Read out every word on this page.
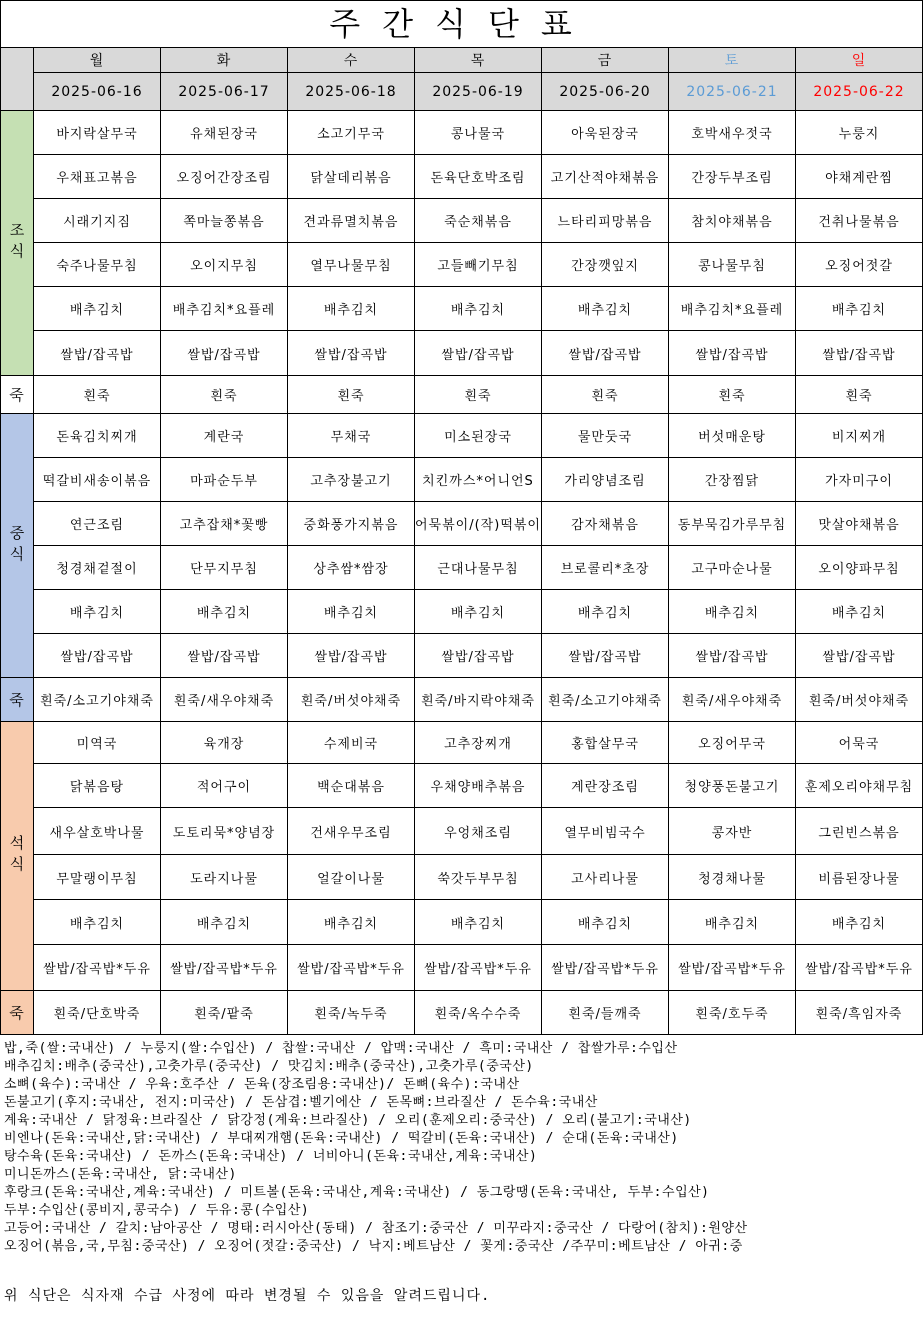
주간식단표
	월	화	수	목	금	토	일
	2025-06-16	2025-06-17	2025-06-18	2025-06-19	2025-06-20	2025-06-21	2025-06-22
조식	바지락살무국	유채된장국	소고기무국	콩나물국	아욱된장국	호박새우젓국	누룽지
	우채표고볶음	오징어간장조림	닭살데리볶음	돈육단호박조림	고기산적야채볶음	간장두부조림	야채계란찜
	시래기지짐	쪽마늘쫑볶음	견과류멸치볶음	죽순채볶음	느타리피망볶음	참치야채볶음	건취나물볶음
	숙주나물무침	오이지무침	열무나물무침	고들빼기무침	간장깻잎지	콩나물무침	오징어젓갈
	배추김치	배추김치*요플레	배추김치	배추김치	배추김치	배추김치*요플레	배추김치
	쌀밥/잡곡밥	쌀밥/잡곡밥	쌀밥/잡곡밥	쌀밥/잡곡밥	쌀밥/잡곡밥	쌀밥/잡곡밥	쌀밥/잡곡밥
죽	흰죽	흰죽	흰죽	흰죽	흰죽	흰죽	흰죽
중식	돈육김치찌개	계란국	무채국	미소된장국	물만둣국	버섯매운탕	비지찌개
	떡갈비새송이볶음	마파순두부	고추장불고기	치킨까스*어니언S	가리양념조림	간장찜닭	가자미구이
	연근조림	고추잡채*꽃빵	중화풍가지볶음	어묵볶이/(작)떡볶이	감자채볶음	동부묵김가루무침	맛살야채볶음
	청경채겉절이	단무지무침	상추쌈*쌈장	근대나물무침	브로콜리*초장	고구마순나물	오이양파무침
	배추김치	배추김치	배추김치	배추김치	배추김치	배추김치	배추김치
	쌀밥/잡곡밥	쌀밥/잡곡밥	쌀밥/잡곡밥	쌀밥/잡곡밥	쌀밥/잡곡밥	쌀밥/잡곡밥	쌀밥/잡곡밥
죽	흰죽/소고기야채죽	흰죽/새우야채죽	흰죽/버섯야채죽	흰죽/바지락야채죽	흰죽/소고기야채죽	흰죽/새우야채죽	흰죽/버섯야채죽
석식	미역국	육개장	수제비국	고추장찌개	홍합살무국	오징어무국	어묵국
	닭볶음탕	적어구이	백순대볶음	우채양배추볶음	계란장조림	청양풍돈불고기	훈제오리야채무침
	새우살호박나물	도토리묵*양념장	건새우무조림	우엉채조림	열무비빔국수	콩자반	그린빈스볶음
	무말랭이무침	도라지나물	얼갈이나물	쑥갓두부무침	고사리나물	청경채나물	비름된장나물
	배추김치	배추김치	배추김치	배추김치	배추김치	배추김치	배추김치
	쌀밥/잡곡밥*두유	쌀밥/잡곡밥*두유	쌀밥/잡곡밥*두유	쌀밥/잡곡밥*두유	쌀밥/잡곡밥*두유	쌀밥/잡곡밥*두유	쌀밥/잡곡밥*두유
죽	흰죽/단호박죽	흰죽/팥죽	흰죽/녹두죽	흰죽/옥수수죽	흰죽/들깨죽	흰죽/호두죽	흰죽/흑임자죽
밥,죽(쌀:국내산) / 누룽지(쌀:수입산) / 찹쌀:국내산 / 압맥:국내산 / 흑미:국내산 / 찹쌀가루:수입산
배추김치:배추(중국산),고춧가루(중국산) / 맛김치:배추(중국산),고춧가루(중국산)
소뼈(육수):국내산 / 우육:호주산 / 돈육(장조림용:국내산)/ 돈뼈(육수):국내산
돈불고기(후지:국내산, 전지:미국산) / 돈삼겹:벨기에산 / 돈목뼈:브라질산 / 돈수육:국내산
계육:국내산 / 닭정육:브라질산 / 닭강정(계육:브라질산) / 오리(훈제오리:중국산) / 오리(불고기:국내산)
비엔나(돈육:국내산,닭:국내산) / 부대찌개햄(돈육:국내산) / 떡갈비(돈육:국내산) / 순대(돈육:국내산)
탕수육(돈육:국내산) / 돈까스(돈육:국내산) / 너비아니(돈육:국내산,계육:국내산)
미니돈까스(돈육:국내산, 닭:국내산)
후랑크(돈육:국내산,계육:국내산) / 미트볼(돈육:국내산,계육:국내산) / 동그랑땡(돈육:국내산, 두부:수입산)
두부:수입산(콩비지,콩국수) / 두유:콩(수입산)
고등어:국내산 / 갈치:남아공산 / 명태:러시아산(동태) / 참조기:중국산 / 미꾸라지:중국산 / 다랑어(참치):원양산
오징어(볶음,국,무침:중국산) / 오징어(젓갈:중국산) / 낙지:베트남산 / 꽃게:중국산 /주꾸미:베트남산 / 아귀:중
위 식단은 식자재 수급 사정에 따라 변경될 수 있음을 알려드립니다.
